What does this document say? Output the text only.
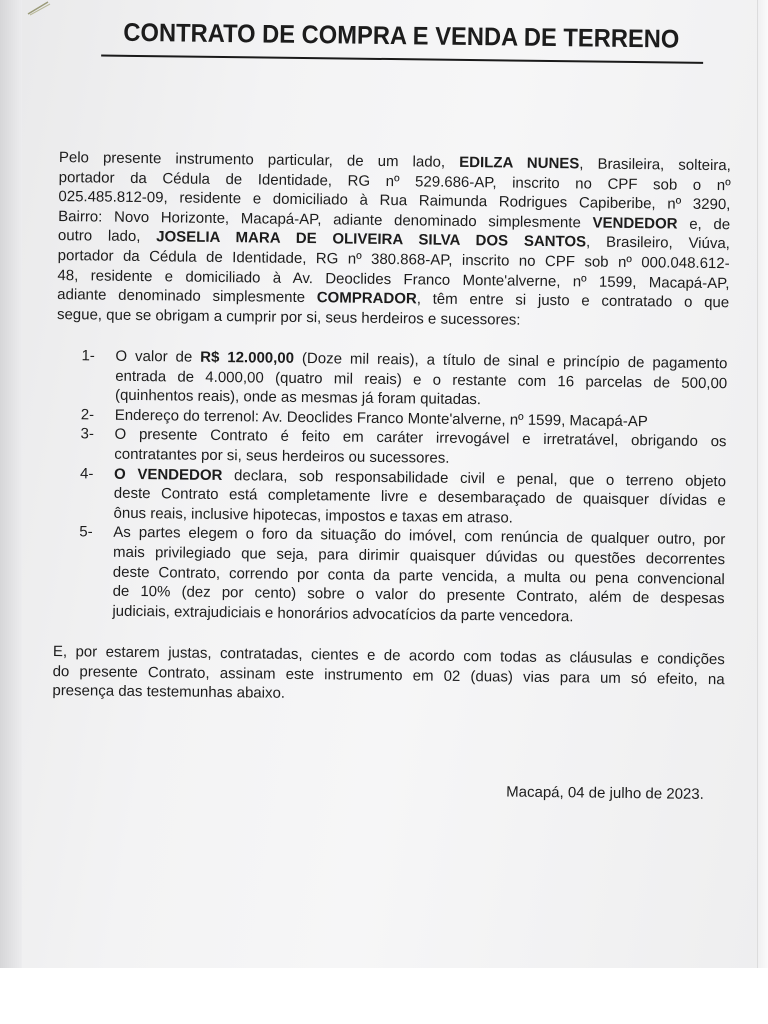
CONTRATO DE COMPRA E VENDA DE TERRENO
Pelo presente instrumento particular, de um lado, EDILZA NUNES, Brasileira, solteira,
portador da Cédula de Identidade, RG nº 529.686-AP, inscrito no CPF sob o nº
025.485.812-09, residente e domiciliado à Rua Raimunda Rodrigues Capiberibe, nº 3290,
Bairro: Novo Horizonte, Macapá-AP, adiante denominado simplesmente VENDEDOR e, de
outro lado, JOSELIA MARA DE OLIVEIRA SILVA DOS SANTOS, Brasileiro, Viúva,
portador da Cédula de Identidade, RG nº 380.868-AP, inscrito no CPF sob nº 000.048.612-
48, residente e domiciliado à Av. Deoclides Franco Monte'alverne, nº 1599, Macapá-AP,
adiante denominado simplesmente COMPRADOR, têm entre si justo e contratado o que
segue, que se obrigam a cumprir por si, seus herdeiros e sucessores:
1- O valor de R$ 12.000,00 (Doze mil reais), a título de sinal e princípio de pagamento
entrada de 4.000,00 (quatro mil reais) e o restante com 16 parcelas de 500,00
(quinhentos reais), onde as mesmas já foram quitadas.
2- Endereço do terrenol: Av. Deoclides Franco Monte'alverne, nº 1599, Macapá-AP
3- O presente Contrato é feito em caráter irrevogável e irretratável, obrigando os
contratantes por si, seus herdeiros ou sucessores.
4- O VENDEDOR declara, sob responsabilidade civil e penal, que o terreno objeto
deste Contrato está completamente livre e desembaraçado de quaisquer dívidas e
ônus reais, inclusive hipotecas, impostos e taxas em atraso.
5- As partes elegem o foro da situação do imóvel, com renúncia de qualquer outro, por
mais privilegiado que seja, para dirimir quaisquer dúvidas ou questões decorrentes
deste Contrato, correndo por conta da parte vencida, a multa ou pena convencional
de 10% (dez por cento) sobre o valor do presente Contrato, além de despesas
judiciais, extrajudiciais e honorários advocatícios da parte vencedora.
E, por estarem justas, contratadas, cientes e de acordo com todas as cláusulas e condições
do presente Contrato, assinam este instrumento em 02 (duas) vias para um só efeito, na
presença das testemunhas abaixo.
Macapá, 04 de julho de 2023.
